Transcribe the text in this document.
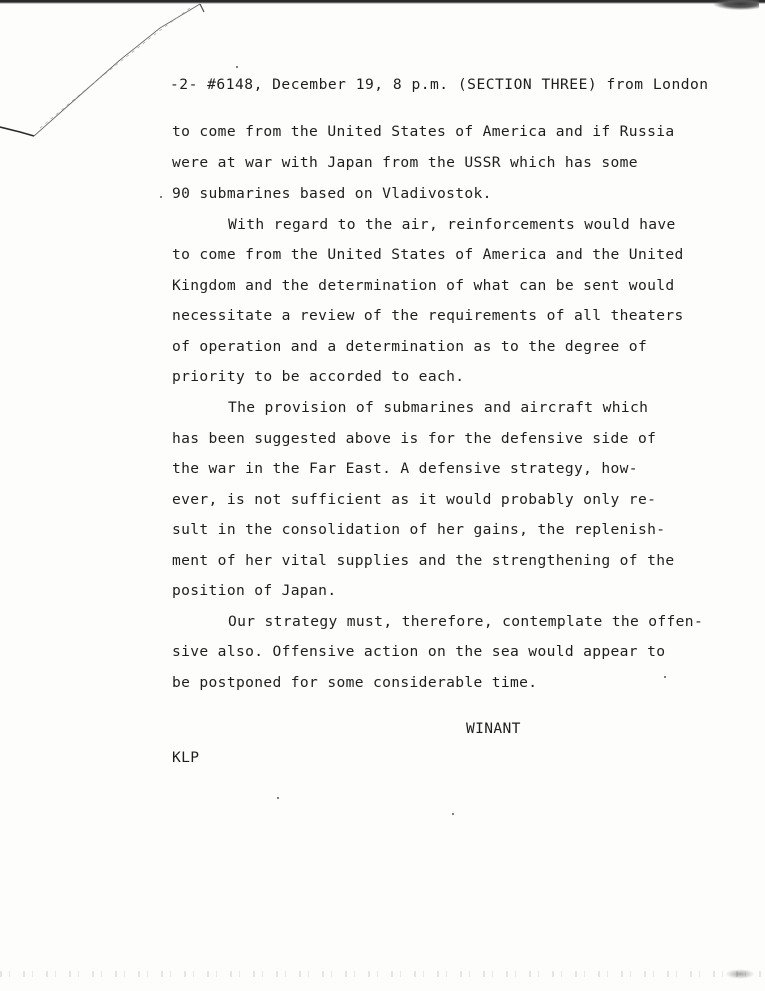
-2- #6148, December 19, 8 p.m. (SECTION THREE) from London

to come from the United States of America and if Russia

were at war with Japan from the USSR which has some

90 submarines based on Vladivostok.

With regard to the air, reinforcements would have

to come from the United States of America and the United

Kingdom and the determination of what can be sent would

necessitate a review of the requirements of all theaters

of operation and a determination as to the degree of

priority to be accorded to each.

The provision of submarines and aircraft which

has been suggested above is for the defensive side of

the war in the Far East. A defensive strategy, how-

ever, is not sufficient as it would probably only re-

sult in the consolidation of her gains, the replenish-

ment of her vital supplies and the strengthening of the

position of Japan.

Our strategy must, therefore, contemplate the offen-

sive also. Offensive action on the sea would appear to

be postponed for some considerable time.

WINANT

KLP
